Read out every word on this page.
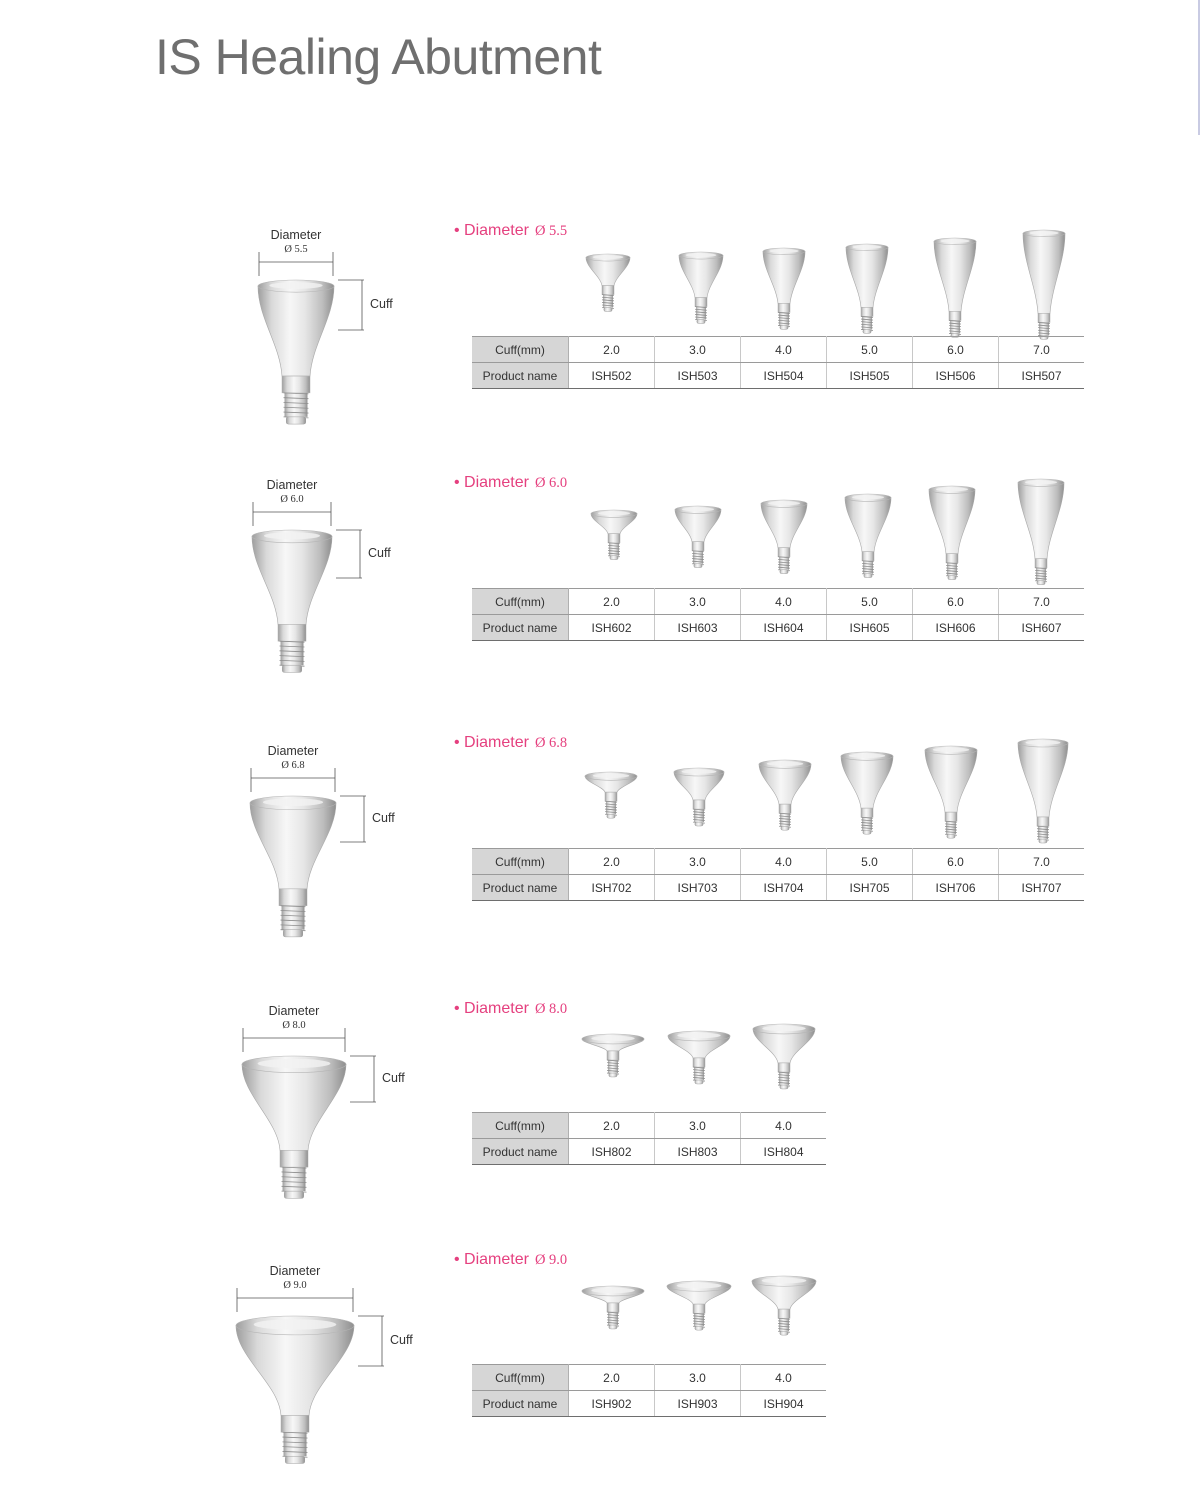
IS Healing Abutment
Diameter
Ø 5.5
Cuff
• Diameter Ø 5.5
Cuff(mm)	2.0	3.0	4.0	5.0	6.0	7.0
Product name	ISH502	ISH503	ISH504	ISH505	ISH506	ISH507
Diameter
Ø 6.0
Cuff
• Diameter Ø 6.0
Cuff(mm)	2.0	3.0	4.0	5.0	6.0	7.0
Product name	ISH602	ISH603	ISH604	ISH605	ISH606	ISH607
Diameter
Ø 6.8
Cuff
• Diameter Ø 6.8
Cuff(mm)	2.0	3.0	4.0	5.0	6.0	7.0
Product name	ISH702	ISH703	ISH704	ISH705	ISH706	ISH707
Diameter
Ø 8.0
Cuff
• Diameter Ø 8.0
Cuff(mm)	2.0	3.0	4.0
Product name	ISH802	ISH803	ISH804
Diameter
Ø 9.0
Cuff
• Diameter Ø 9.0
Cuff(mm)	2.0	3.0	4.0
Product name	ISH902	ISH903	ISH904
